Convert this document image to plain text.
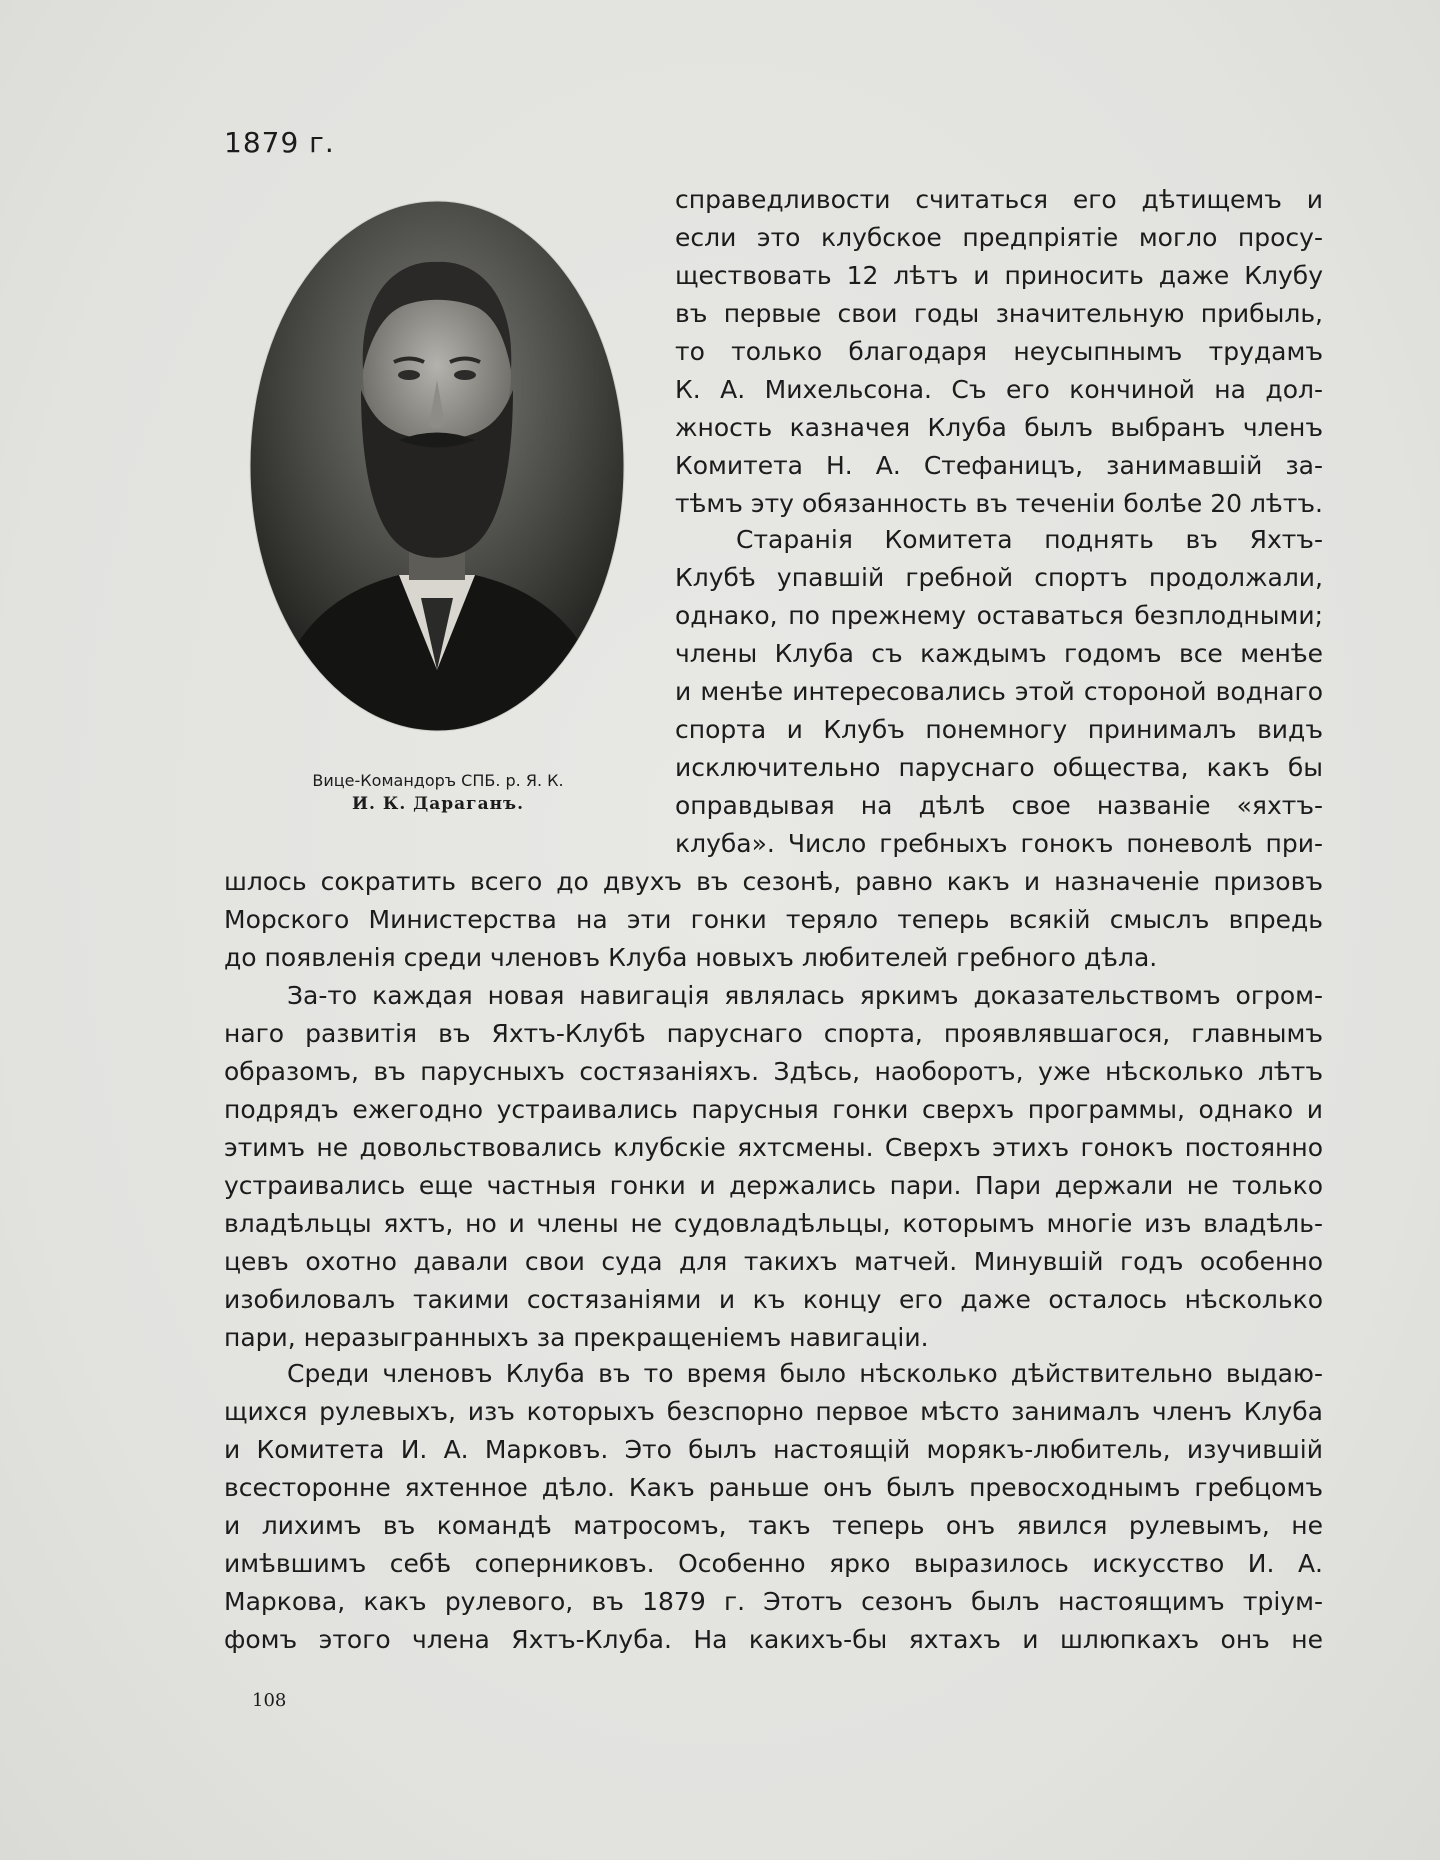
1879 г.
Вице-Командоръ СПБ. р. Я. К.
И. К. Дараганъ.
справедливости считаться его дѣтищемъ и
если это клубское предпріятіе могло просу-
ществовать 12 лѣтъ и приносить даже Клубу
въ первые свои годы значительную прибыль,
то только благодаря неусыпнымъ трудамъ
К. А. Михельсона. Съ его кончиной на дол-
жность казначея Клуба былъ выбранъ членъ
Комитета Н. А. Стефаницъ, занимавшій за-
тѣмъ эту обязанность въ теченіи болѣе 20 лѣтъ.
Старанія Комитета поднять въ Яхтъ-
Клубѣ упавшій гребной спортъ продолжали,
однако, по прежнему оставаться безплодными;
члены Клуба съ каждымъ годомъ все менѣе
и менѣе интересовались этой стороной воднаго
спорта и Клубъ понемногу принималъ видъ
исключительно паруснаго общества, какъ бы
оправдывая на дѣлѣ свое названіе «яхтъ-
клуба». Число гребныхъ гонокъ поневолѣ при-
шлось сократить всего до двухъ въ сезонѣ, равно какъ и назначеніе призовъ
Морского Министерства на эти гонки теряло теперь всякій смыслъ впредь
до появленія среди членовъ Клуба новыхъ любителей гребного дѣла.
За-то каждая новая навигація являлась яркимъ доказательствомъ огром-
наго развитія въ Яхтъ-Клубѣ паруснаго спорта, проявлявшагося, главнымъ
образомъ, въ парусныхъ состязаніяхъ. Здѣсь, наоборотъ, уже нѣсколько лѣтъ
подрядъ ежегодно устраивались парусныя гонки сверхъ программы, однако и
этимъ не довольствовались клубскіе яхтсмены. Сверхъ этихъ гонокъ постоянно
устраивались еще частныя гонки и держались пари. Пари держали не только
владѣльцы яхтъ, но и члены не судовладѣльцы, которымъ многіе изъ владѣль-
цевъ охотно давали свои суда для такихъ матчей. Минувшій годъ особенно
изобиловалъ такими состязаніями и къ концу его даже осталось нѣсколько
пари, неразыгранныхъ за прекращеніемъ навигаціи.
Среди членовъ Клуба въ то время было нѣсколько дѣйствительно выдаю-
щихся рулевыхъ, изъ которыхъ безспорно первое мѣсто занималъ членъ Клуба
и Комитета И. А. Марковъ. Это былъ настоящій морякъ-любитель, изучившій
всесторонне яхтенное дѣло. Какъ раньше онъ былъ превосходнымъ гребцомъ
и лихимъ въ командѣ матросомъ, такъ теперь онъ явился рулевымъ, не
имѣвшимъ себѣ соперниковъ. Особенно ярко выразилось искусство И. А.
Маркова, какъ рулевого, въ 1879 г. Этотъ сезонъ былъ настоящимъ тріум-
фомъ этого члена Яхтъ-Клуба. На какихъ-бы яхтахъ и шлюпкахъ онъ не
108
